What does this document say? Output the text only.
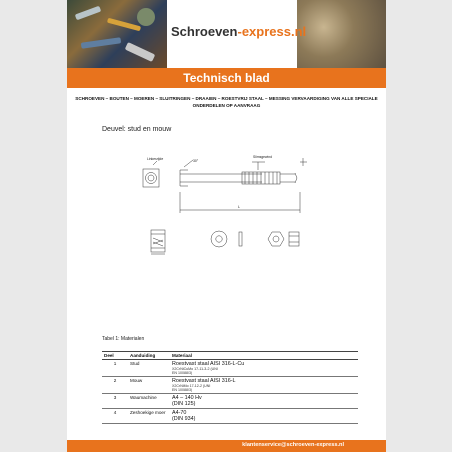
Schroeven-express.nl
Technisch blad
SCHROEVEN – BOUTEN – MOEREN – SLUITRINGEN – DRAAIEN – ROESTVRIJ STAAL – MESSING VERVAARDIGING VAN ALLE SPECIALE ONDERDELEN OP AANVRAAG
Deuvel: stud en mouw
Linkerzijde	Slimsgewind
30°
L
Tabel 1: Materialen
Deel	Aanduiding	Materiaal
1	Stud	Roestvast staal AISI 316-L-Cu
X2CrNiCuMo 17-11-3-2 (UNI
EN 10088/3)

2	Mouw	Roestvast staal AISI 316-L
X2CrNiMo 17-12-2 (UNI
EN 10088/3)

3	Waumachine	A4 – 140 Hv
(DIN 125)

4	Zeshoekige moer	A4-70
(DIN 934)
klantenservice@schroeven-express.nl
